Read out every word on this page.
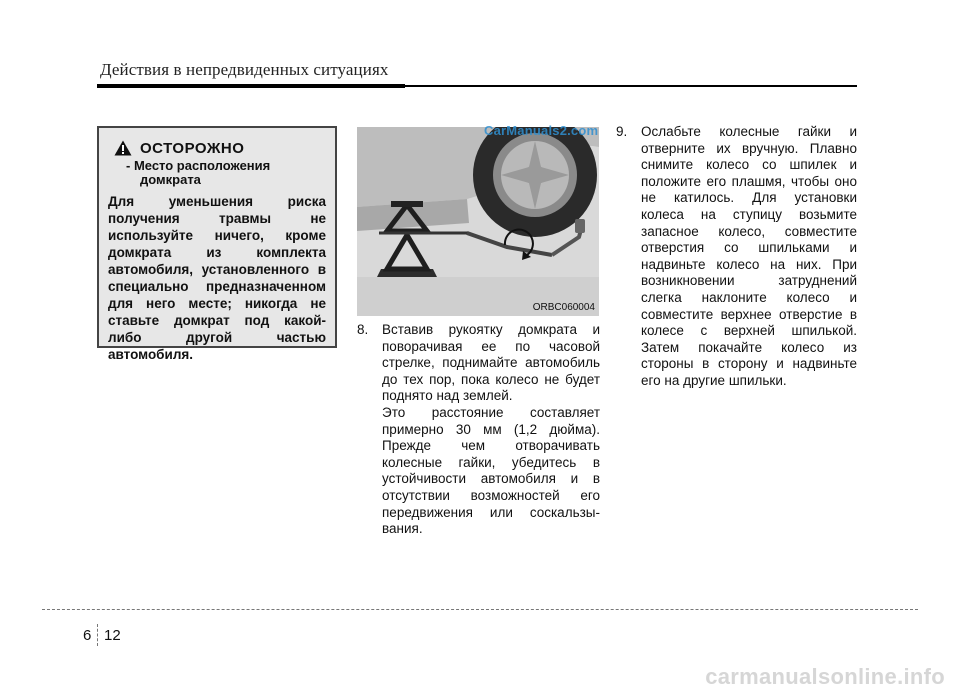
Действия в непредвиденных ситуациях
ОСТОРОЖНО
- Место расположения
домкрата
Для уменьшения риска получения травмы не используйте ничего, кроме домкрата из комплекта автомобиля, установленного в специально предназначенном для него месте; никогда не ставьте домкрат под какой-либо другой частью автомобиля.
ORBC060004
CarManuals2.com
8.	Вставив рукоятку домкрата и поворачивая ее по часовой стрелке, поднимайте автомобиль до тех пор, пока колесо не будет поднято над землей.
Это расстояние составляет примерно 30 мм (1,2 дюйма). Прежде чем отворачивать колесные гайки, убедитесь в устойчивости автомобиля и в отсутствии возможностей его передвижения или соскальзывания.
9.	Ослабьте колесные гайки и отверните их вручную. Плавно снимите колесо со шпилек и положите его плашмя, чтобы оно не катилось. Для установки колеса на ступицу возьмите запасное колесо, совместите отверстия со шпильками и надвиньте колесо на них. При возникновении затруднений слегка наклоните колесо и совместите верхнее отверстие в колесе с верхней шпилькой. Затем покачайте колесо из стороны в сторону и надвиньте его на другие шпильки.
6 12
carmanualsonline.info
